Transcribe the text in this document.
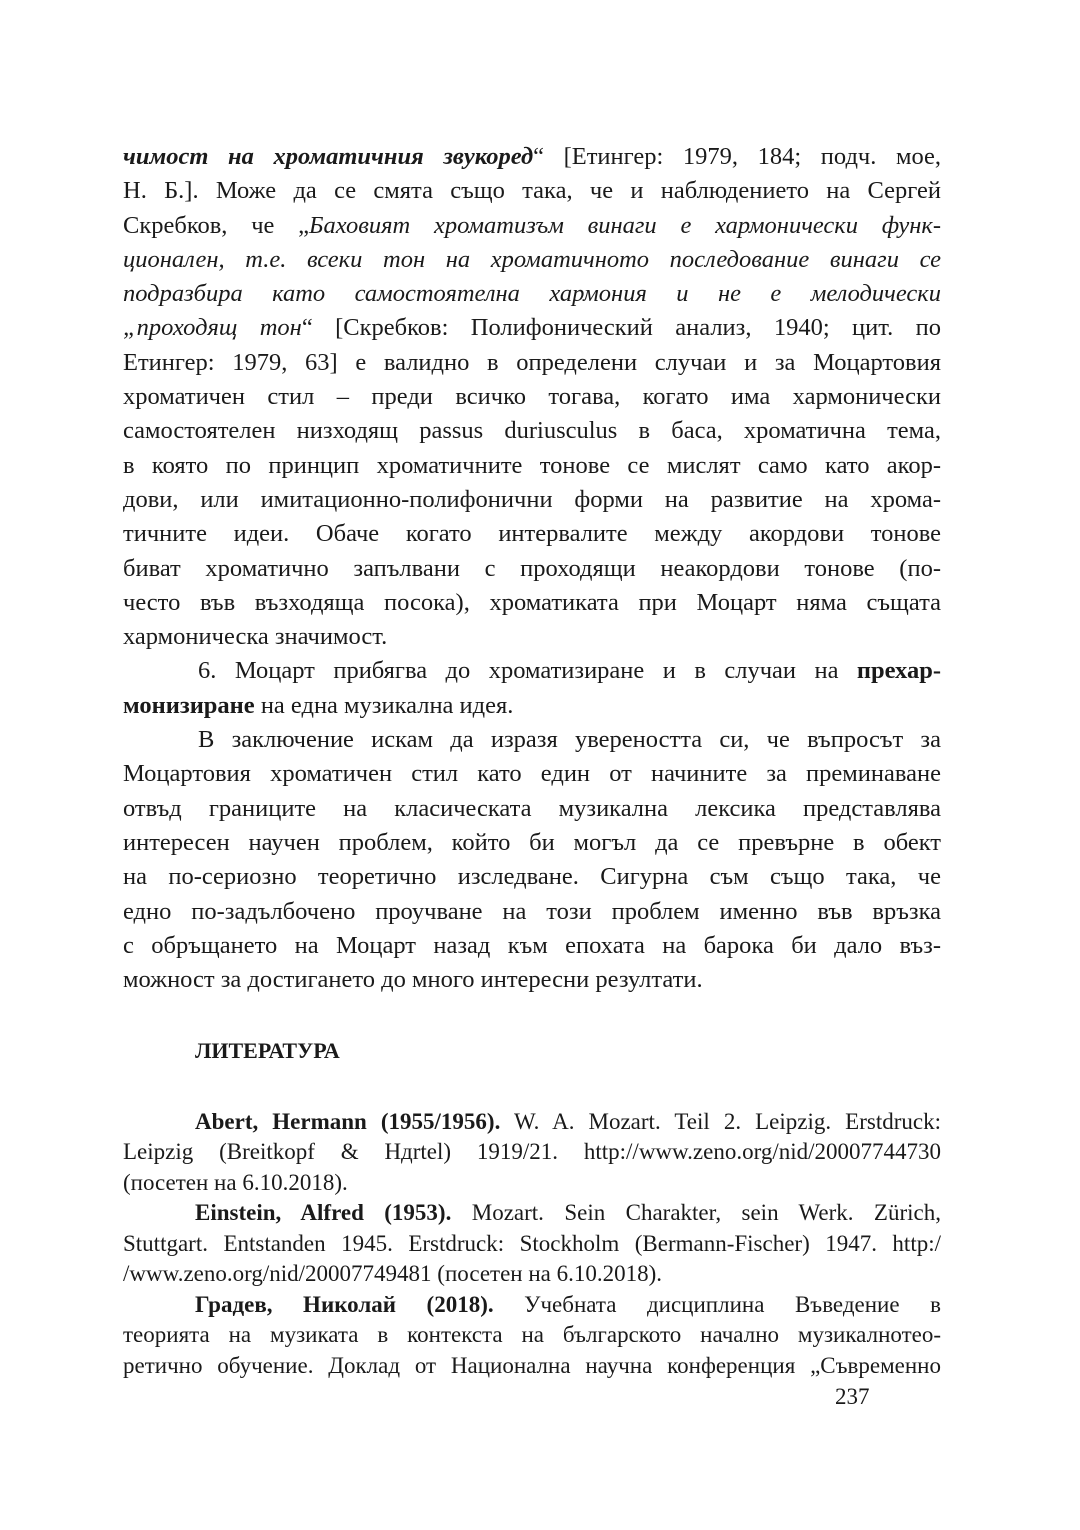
чимост на хроматичния звукоред“ [Етингер: 1979, 184; подч. мое,
Н. Б.]. Може да се смята също така, че и наблюдението на Сергей
Скребков, че „Баховият хроматизъм винаги е хармонически функ-
ционален, т.е. всеки тон на хроматичното последование винаги се
подразбира като самостоятелна хармония и не е мелодически
„проходящ тон“ [Скребков: Полифонический анализ, 1940; цит. по
Етингер: 1979, 63] е валидно в определени случаи и за Моцартовия
хроматичен стил – преди всичко тогава, когато има хармонически
самостоятелен низходящ passus duriusculus в баса, хроматична тема,
в която по принцип хроматичните тонове се мислят само като акор-
дови, или имитационно-полифонични форми на развитие на хрома-
тичните идеи. Обаче когато интервалите между акордови тонове
биват хроматично запълвани с проходящи неакордови тонове (по-
често във възходяща посока), хроматиката при Моцарт няма същата
хармоническа значимост.
6. Моцарт прибягва до хроматизиране и в случаи на прехар-
монизиране на една музикална идея.
В заключение искам да изразя увереността си, че въпросът за
Моцартовия хроматичен стил като един от начините за преминаване
отвъд границите на класическата музикална лексика представлява
интересен научен проблем, който би могъл да се превърне в обект
на по-сериозно теоретично изследване. Сигурна съм също така, че
едно по-задълбочено проучване на този проблем именно във връзка
с обръщането на Моцарт назад към епохата на барока би дало въз-
можност за достигането до много интересни резултати.
ЛИТЕРАТУРА
Abert, Hermann (1955/1956). W. A. Mozart. Teil 2. Leipzig. Erstdruck:
Leipzig (Breitkopf & Hдrtel) 1919/21. http://www.zeno.org/nid/20007744730
(посетен на 6.10.2018).
Einstein, Alfred (1953). Mozart. Sein Charakter, sein Werk. Zürich,
Stuttgart. Entstanden 1945. Erstdruck: Stockholm (Bermann-Fischer) 1947. http:/
/www.zeno.org/nid/20007749481 (посетен на 6.10.2018).
Градев, Николай (2018). Учебната дисциплина Въведение в
теорията на музиката в контекста на българското начално музикалнотео-
ретично обучение. Доклад от Национална научна конференция „Съвременно
237
